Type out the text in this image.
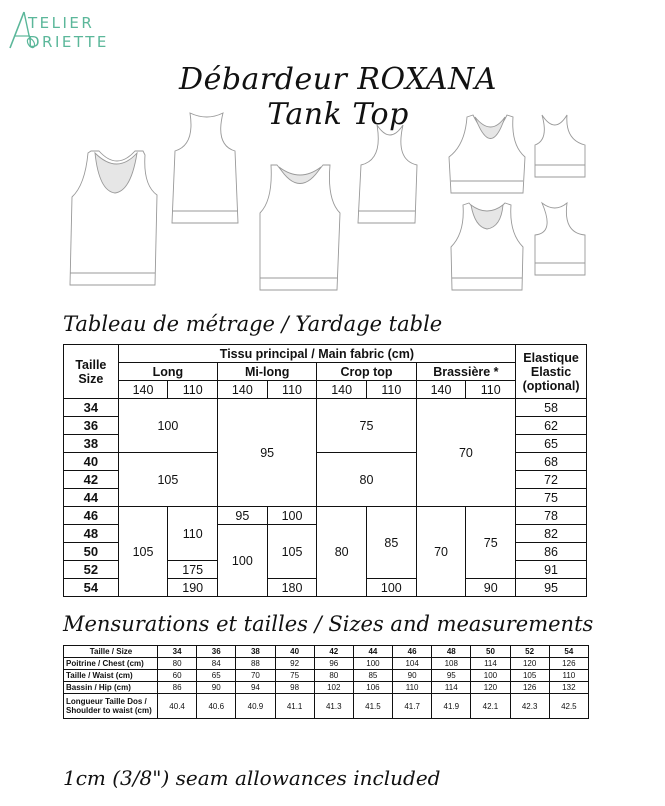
TELIER
DRIETTE
Débardeur ROXANA Tank Top
Tableau de métrage / Yardage table
Taille Size	Tissu principal / Main fabric (cm)								Elastique Elastic (optional)
	Long		Mi-long		Crop top		Brassière *		
	140	110	140	110	140	110	140	110	
34	100		95		75		70		58
36									62
38									65
40	105				80				68
42									72
44									75
46	105	110	95	100	80	85	70	75	78
48			100	105					82
50									86
52		175							91
54		190		180		100		90	95
Mensurations et tailles / Sizes and measurements
Taille / Size	34	36	38	40	42	44	46	48	50	52	54
Poitrine / Chest (cm)	80	84	88	92	96	100	104	108	114	120	126
Taille / Waist (cm)	60	65	70	75	80	85	90	95	100	105	110
Bassin / Hip (cm)	86	90	94	98	102	106	110	114	120	126	132
Longueur Taille Dos / Shoulder to waist (cm)	40.4	40.6	40.9	41.1	41.3	41.5	41.7	41.9	42.1	42.3	42.5
1cm (3/8") seam allowances included
